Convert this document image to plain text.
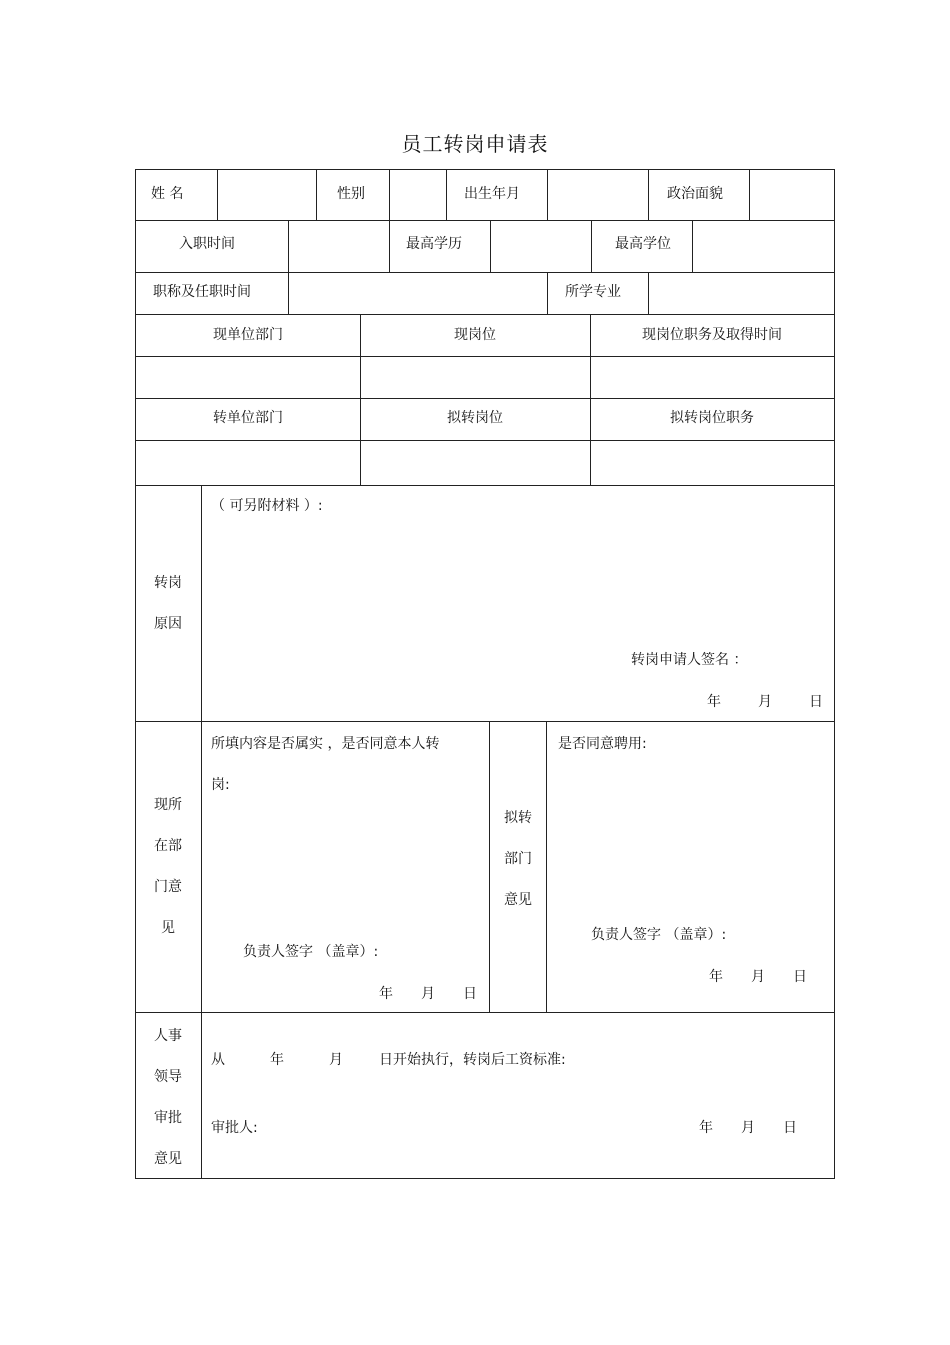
员工转岗申请表
姓 名	性别	出生年月	政治面貌
入职时间	最高学历	最高学位
职称及任职时间	所学专业
现单位部门	现岗位	现岗位职务及取得时间
转单位部门	拟转岗位	拟转岗位职务
转岗
原因
（ 可另附材料 ）:
转岗申请人签名 ：
年	月	日
现所
在部
门意
见
所填内容是否属实 ，是否同意本人转
岗:
负责人签字 （盖章）:
年 月 日
拟转
部门
意见
是否同意聘用:
负责人签字 （盖章）:
年 月 日
人事
领导
审批
意见
从	年	月	日开始执行，转岗后工资标准:
审批人:	年 月 日
